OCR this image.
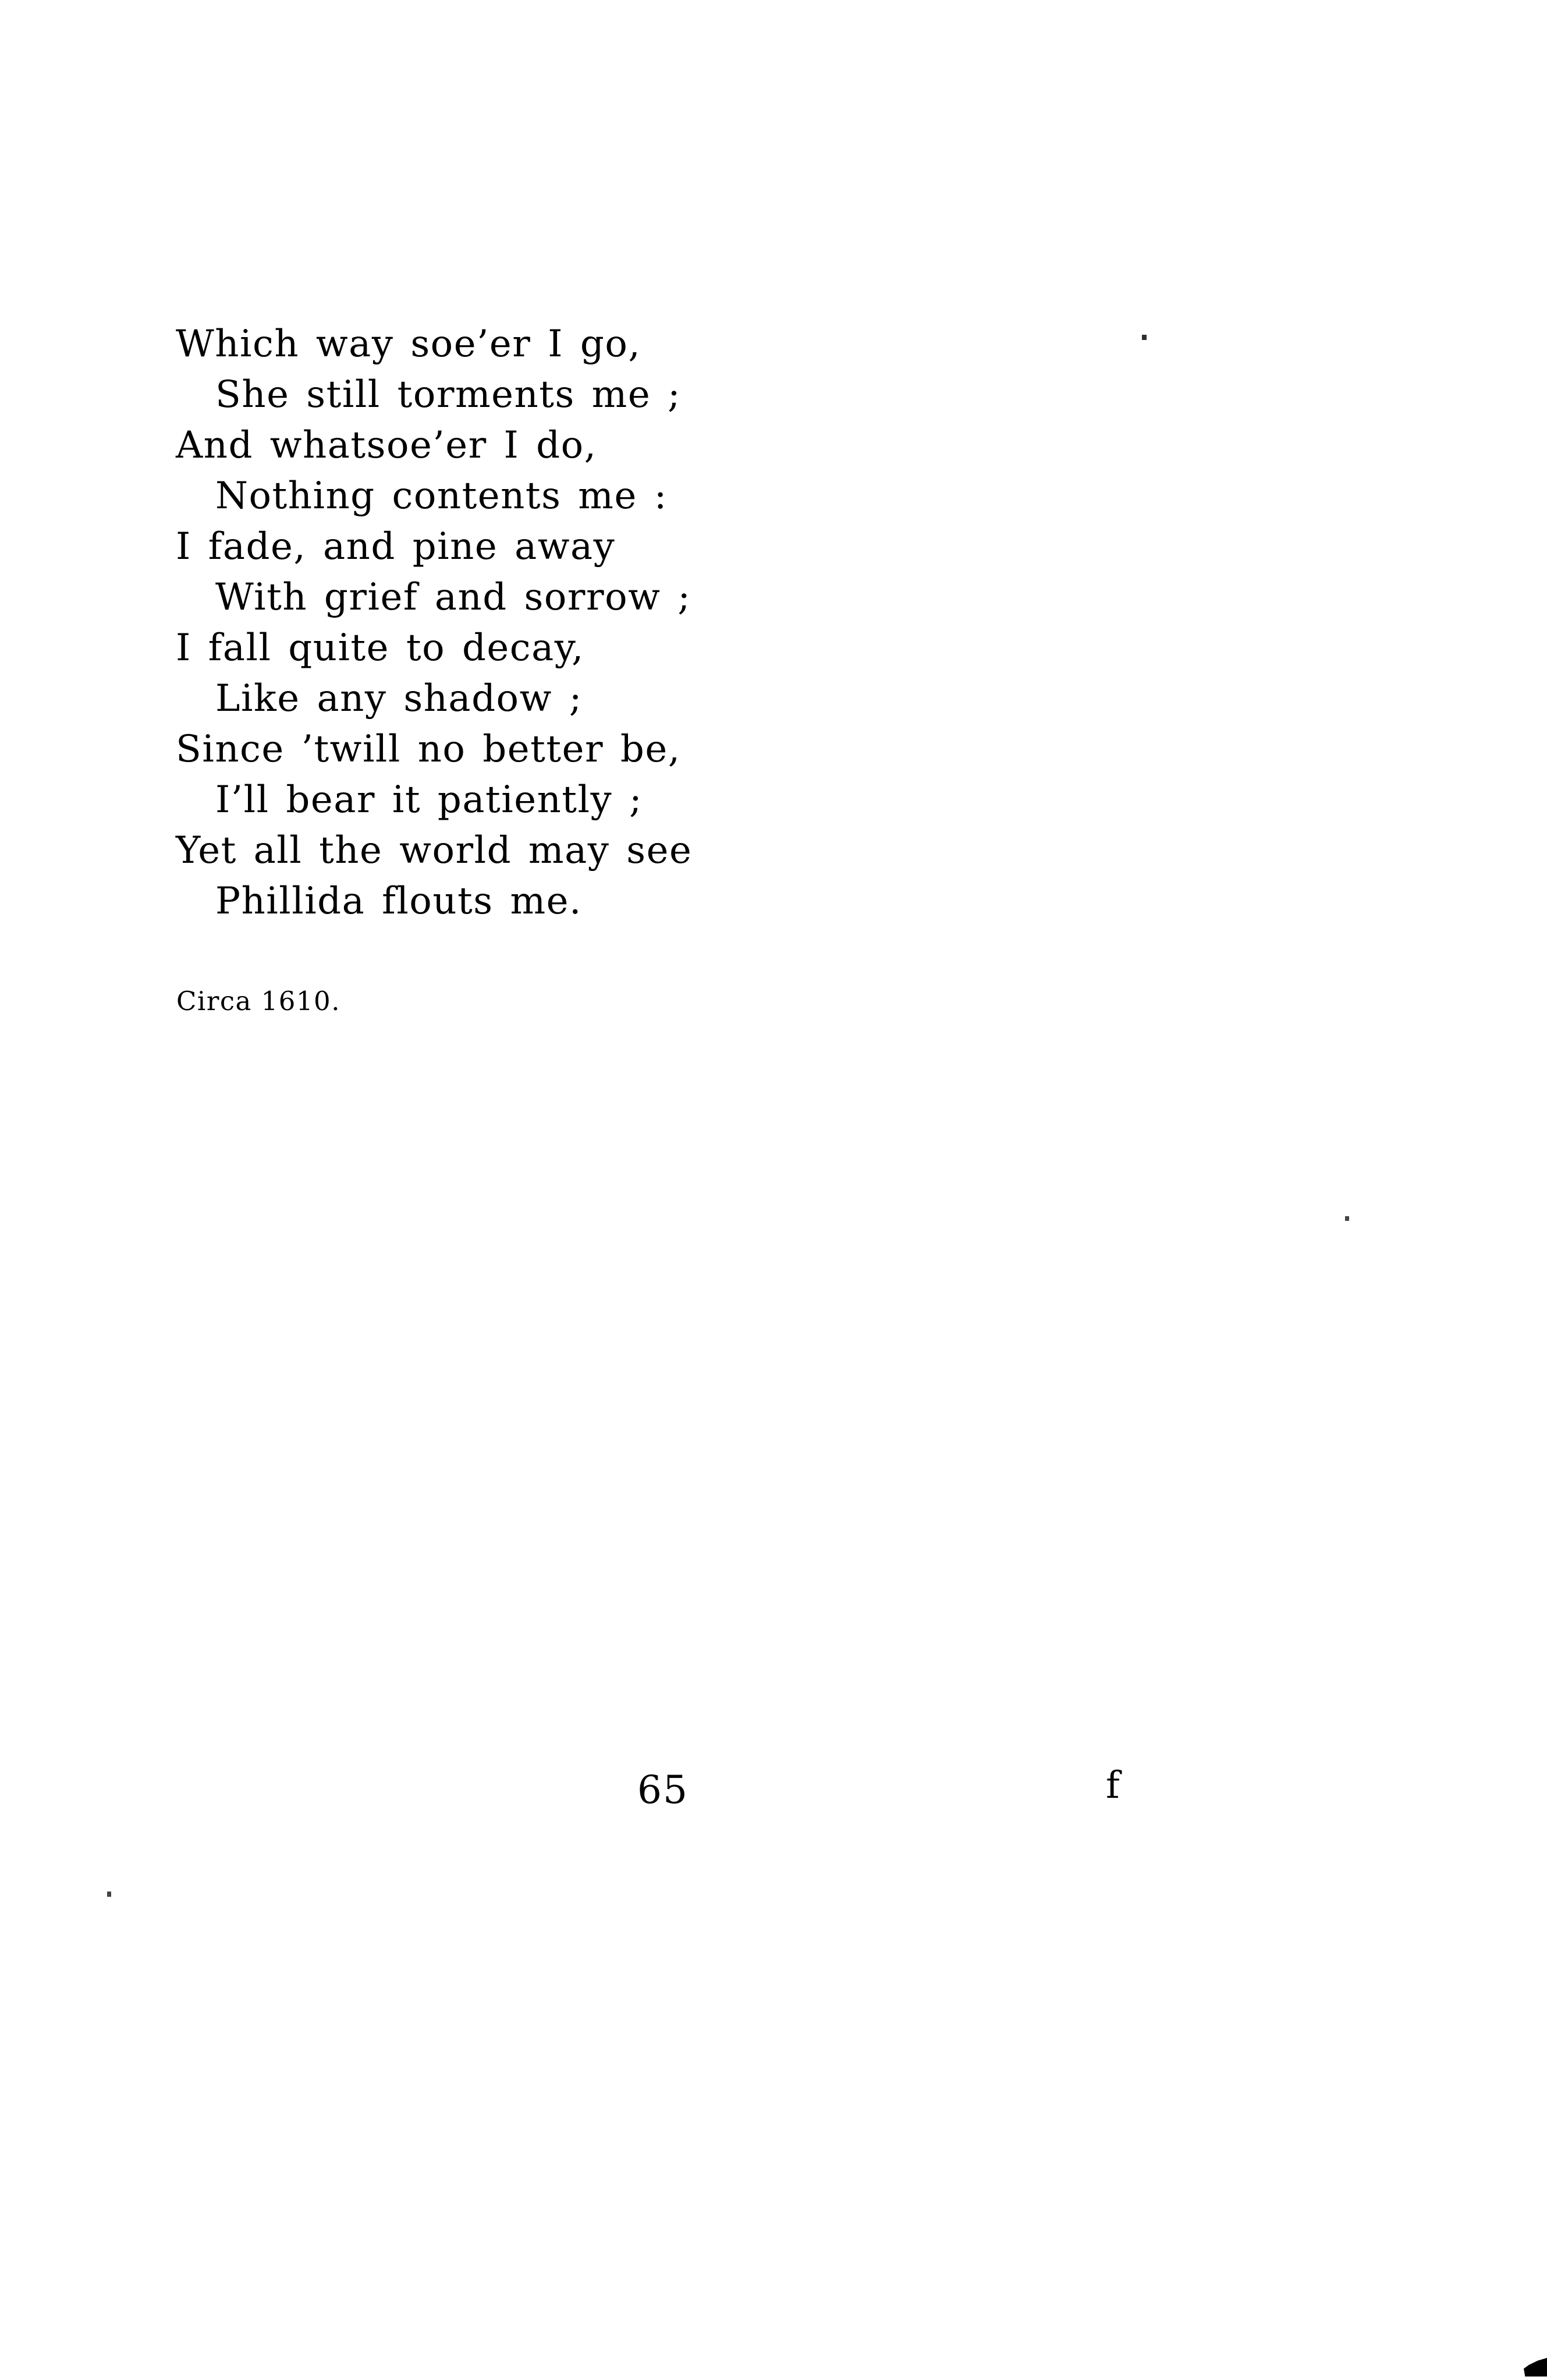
Which way soe’er I go,
She still torments me ;
And whatsoe’er I do,
Nothing contents me :
I fade, and pine away
With grief and sorrow ;
I fall quite to decay,
Like any shadow ;
Since ’twill no better be,
I’ll bear it patiently ;
Yet all the world may see
Phillida flouts me.
Circa 1610.
65	f
